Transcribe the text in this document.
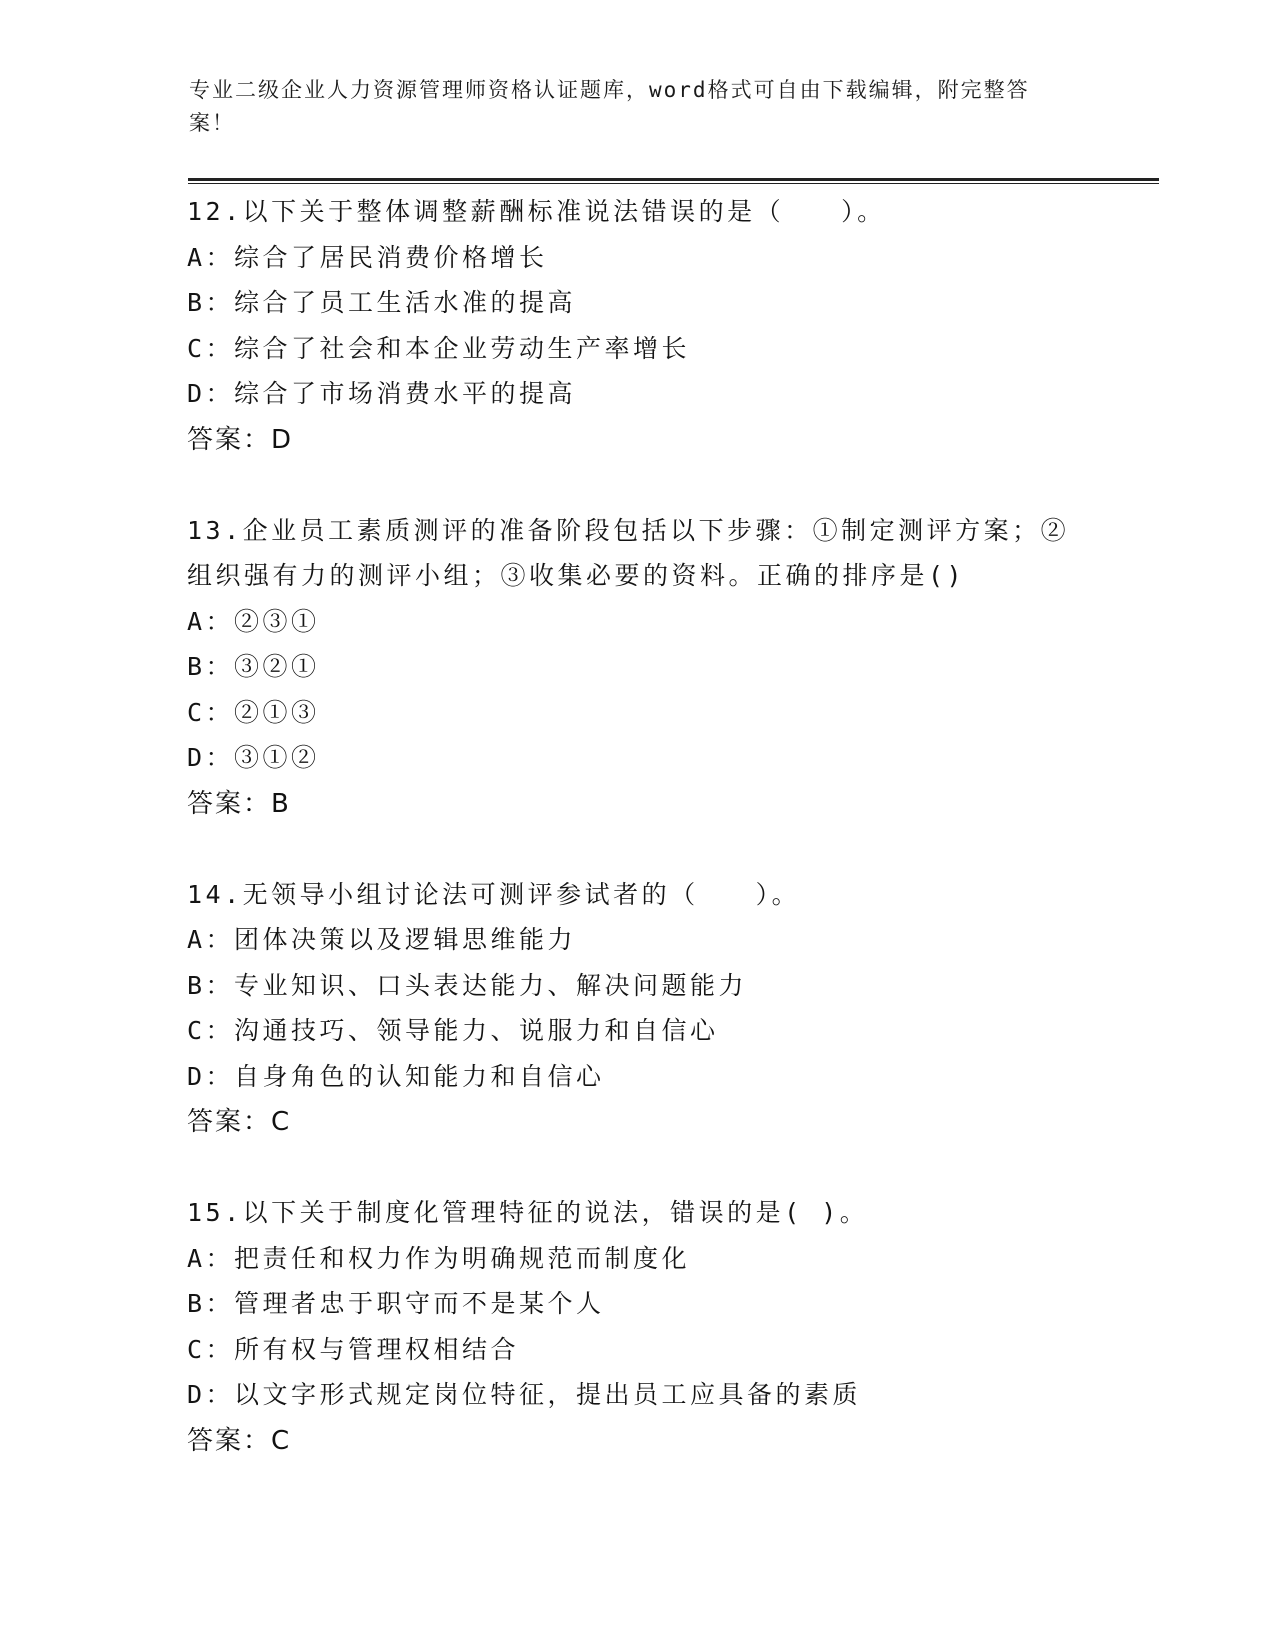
专业二级企业人力资源管理师资格认证题库，word格式可自由下载编辑，附完整答案！
12.以下关于整体调整薪酬标准说法错误的是（　　）。
A：综合了居民消费价格增长
B：综合了员工生活水准的提高
C：综合了社会和本企业劳动生产率增长
D：综合了市场消费水平的提高
答案：D
13.企业员工素质测评的准备阶段包括以下步骤：①制定测评方案；②组织强有力的测评小组；③收集必要的资料。正确的排序是()
A：②③①
B：③②①
C：②①③
D：③①②
答案：B
14.无领导小组讨论法可测评参试者的（　　）。
A：团体决策以及逻辑思维能力
B：专业知识、口头表达能力、解决问题能力
C：沟通技巧、领导能力、说服力和自信心
D：自身角色的认知能力和自信心
答案：C
15.以下关于制度化管理特征的说法，错误的是( )。
A：把责任和权力作为明确规范而制度化
B：管理者忠于职守而不是某个人
C：所有权与管理权相结合
D：以文字形式规定岗位特征，提出员工应具备的素质
答案：C
